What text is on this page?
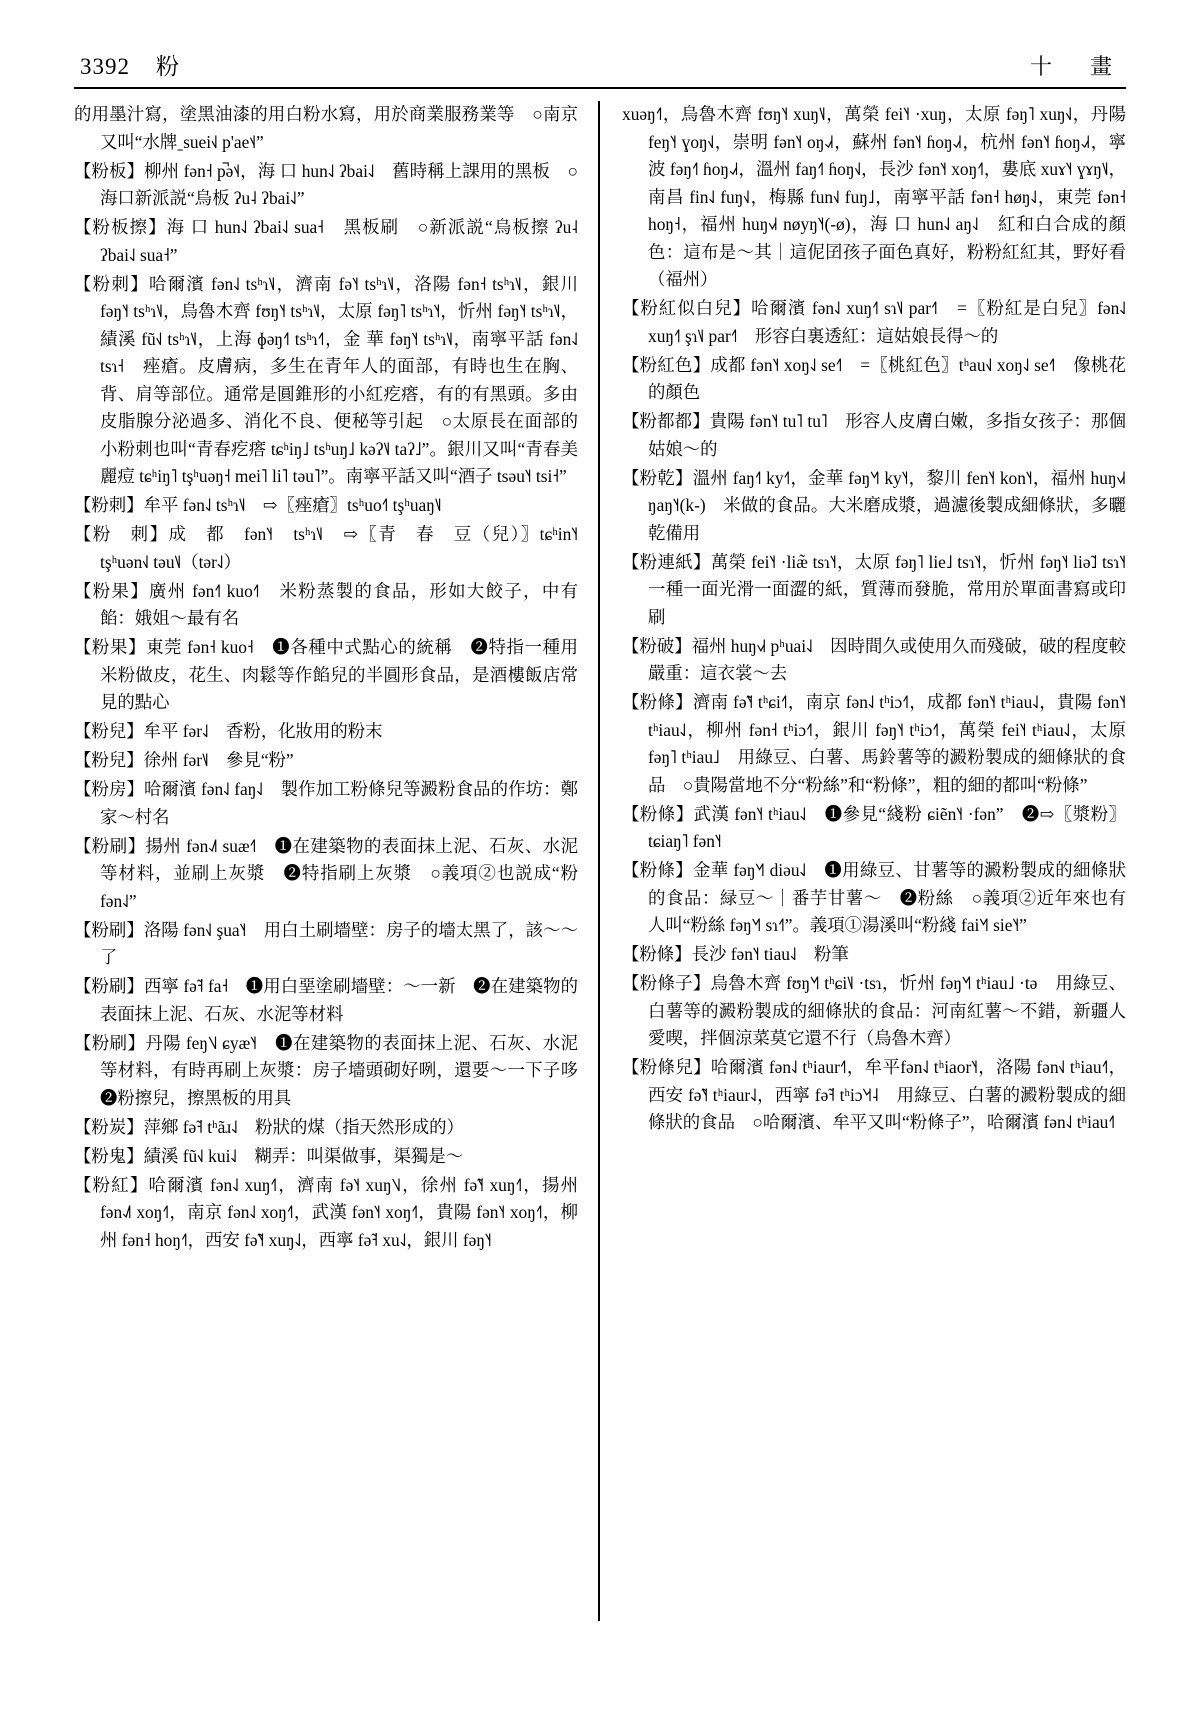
3392 粉	十　畫
的用墨汁寫，塗黑油漆的用白粉水寫，用於商業服務業等　○南京又叫“水牌ˍsuei˧˩ p'ae˦˨”
【粉板】柳州 fən˧ p̚ə˦˨，海 口 hun˨˩ ʔbai˨˩　舊時稱上課用的黑板　○海口新派説“烏板 ʔu˨ ʔbai˨˩”
【粉板擦】海 口 hun˨˩ ʔbai˨˩ sua˧　黑板刷　○新派説“烏板擦 ʔu˨ ʔbai˨˩ sua˧”
【粉刺】哈爾濱 fən˨˩ tsʰɿ˥˩，濟南 fə˥˧ tsʰɿ˥˩，洛陽 fən˧ tsʰɿ˥˩，銀川 fəŋ˥˧ tsʰɿ˥˩，烏魯木齊 fʊŋ˥˧ tsʰɿ˥˩，太原 fəŋ˥ tsʰɿ˥˧，忻州 fəŋ˥˧ tsʰɿ˥˩，績溪 fũ˧˩ tsʰɿ˥˩，上海 ɸəŋ˧˥ tsʰɿ˧˥，金 華 fəŋ˥˧ tsʰɿ˥˩，南寧平話 fən˨˩ tsɿ˧　痤瘡。皮膚病，多生在青年人的面部，有時也生在胸、背、肩等部位。通常是圓錐形的小紅疙瘩，有的有黑頭。多由皮脂腺分泌過多、消化不良、便秘等引起　○太原長在面部的小粉刺也叫“青春疙瘩 tɕʰiŋ˩ tsʰuŋ˩ kəʔ˥˩ taʔ˩”。銀川又叫“青春美麗痘 tɕʰiŋ˥ tşʰuəŋ˧ mei˥ li˥ təu˥”。南寧平話又叫“酒子 tsəu˥˧ tsi˧”
【粉刺】牟平 fən˨˩ tsʰɿ˥˩　⇨〖痤瘡〗tsʰuo˧˥ tşʰuaŋ˥˩
【粉　刺】成　都　fən˥˧　tsʰɿ˥˩　⇨〖青　春　豆（兒）〗tɕʰin˥˧ tşʰuən˧˩ təu˥˩（tər˨˩）
【粉果】廣州 fən˧˥ kuo˧˥　米粉蒸製的食品，形如大餃子，中有餡：娥姐～最有名
【粉果】東莞 fən˧ kuo˧　❶各種中式點心的統稱　❷特指一種用米粉做皮，花生、肉鬆等作餡兒的半圓形食品，是酒樓飯店常見的點心
【粉兒】牟平 fər˨˩　香粉，化妝用的粉末
【粉兒】徐州 fər˥˩　參見“粉”
【粉房】哈爾濱 fən˨˩ faŋ˨˩　製作加工粉條兒等澱粉食品的作坊：鄭家～村名
【粉刷】揚州 fən˨˩˥ suæ˧˥　❶在建築物的表面抹上泥、石灰、水泥等材料，並刷上灰漿　❷特指刷上灰漿　○義項②也説成“粉 fən˨˩”
【粉刷】洛陽 fən˧˩ şua˥˧　用白土刷墻壁：房子的墻太黑了，該～～了
【粉刷】西寧 fə̃˧ fa˧　❶用白堊塗刷墻壁：～一新　❷在建築物的表面抹上泥、石灰、水泥等材料
【粉刷】丹陽 feŋ˥˧˩ ɕyæ˥˧　❶在建築物的表面抹上泥、石灰、水泥等材料，有時再刷上灰漿：房子墻頭砌好咧，還要～一下子哆　❷粉擦兒，擦黑板的用具
【粉炭】萍鄉 fə̃˧ tʰãɹ˨˩　粉狀的煤（指天然形成的）
【粉鬼】績溪 fũ˧˩ kui˨˩　糊弄：叫渠做事，渠獨是～
【粉紅】哈爾濱 fən˨˩ xuŋ˧˥，濟南 fə˥˧ xuŋ˥˧˩，徐州 fə̃˥˧ xuŋ˧˥，揚州 fən˨˩˥ xoŋ˧˥，南京 fən˨˩ xoŋ˧˥，武漢 fən˥˧ xoŋ˧˥，貴陽 fən˥˧ xoŋ˧˥，柳州 fən˧ hoŋ˧˥，西安 fə̃˥˧ xuŋ˨˩，西寧 fə̃˧ xu˨˩，銀川 fəŋ˥˧
xuəŋ˧˥，烏魯木齊 fʊŋ˥˧ xuŋ˥˩，萬榮 fei˥˧ ·xuŋ，太原 fəŋ˥ xuŋ˧˩，丹陽 feŋ˥˧ ɣoŋ˧˩，崇明 fən˥˧ oŋ˨˩˧，蘇州 fən˥˧ ɦoŋ˨˩˧，杭州 fən˥˧ ɦoŋ˨˩˧，寧波 fəŋ˧˥ ɦoŋ˨˩˧，溫州 faŋ˧˥ ɦoŋ˧˩，長沙 fən˥˧ xoŋ˧˥，婁底 xuɤ˥˧ ɣɤŋ˥˩，南昌 fin˨˩ fuŋ˧˩，梅縣 fun˧˩ fuŋ˩，南寧平話 fən˧ høŋ˨˩，東莞 fən˧ hoŋ˧，福州 huŋ˧˩˧ nøyŋ˥˧(-ø)，海 口 hun˨˩ aŋ˨˩　紅和白合成的顏色：這布是～其｜這伲囝孩子面色真好，粉粉紅紅其，野好看（福州）
【粉紅似白兒】哈爾濱 fən˨˩ xuŋ˧˥ sɿ˥˩ par˧˥　=〖粉紅是白兒〗fən˨˩ xuŋ˧˥ şɿ˥˩ par˧˥　形容白裏透紅：這姑娘長得～的
【粉紅色】成都 fən˥˧ xoŋ˨˩ se˧˥　=〖桃紅色〗tʰau˧˩ xoŋ˨˩ se˧˥　像桃花的顏色
【粉都都】貴陽 fən˥˧ tu˥ tu˥　形容人皮膚白嫩，多指女孩子：那個姑娘～的
【粉乾】溫州 faŋ˧˥ ky˧˥，金華 fəŋ˥˧˥ ky˥˧，黎川 fen˥˧ kon˥˧，福州 huŋ˧˩˧ ŋaŋ˥˧(k-)　米做的食品。大米磨成漿，過濾後製成細條狀，多曬乾備用
【粉連紙】萬榮 fei˥˧ ·liæ̃ tsɿ˥˧，太原 fəŋ˥ lie˩ tsɿ˥˧，忻州 fəŋ˥˧ liə̃˩ tsɿ˥˧　一種一面光滑一面澀的紙，質薄而發脆，常用於單面書寫或印刷
【粉破】福州 huŋ˧˩˧ pʰuai˨˩　因時間久或使用久而殘破，破的程度較嚴重：這衣裳～去
【粉條】濟南 fə̃˥˧ tʰɕi˧˥，南京 fən˨˩ tʰiɔ˧˥，成都 fən˥˧ tʰiau˨˩，貴陽 fən˥˧ tʰiau˨˩，柳州 fən˧ tʰiɔ˧˥，銀川 fəŋ˥˧ tʰiɔ˧˥，萬榮 fei˥˧ tʰiau˨˩，太原 fəŋ˥ tʰiau˩　用綠豆、白薯、馬鈴薯等的澱粉製成的細條狀的食品　○貴陽當地不分“粉絲”和“粉條”，粗的細的都叫“粉條”
【粉條】武漢 fən˥˧ tʰiau˨˩　❶參見“綫粉 ɕiẽn˥˧ ·fən”　❷⇨〖漿粉〗tɕiaŋ˥ fən˥˧
【粉條】金華 fəŋ˥˧˥ diəu˨˩　❶用綠豆、甘薯等的澱粉製成的細條狀的食品：緑豆～｜番芋甘薯～　❷粉絲　○義項②近年來也有人叫“粉絲 fəŋ˥˧˥ sɿ˧˥”。義項①湯溪叫“粉綫 fai˥˧˥ sie˥˧”
【粉條】長沙 fən˥˧ tiau˨˩　粉筆
【粉條子】烏魯木齊 fʊŋ˥˧˥ tʰɕi˥˩ ·tsɿ，忻州 fəŋ˥˧˥ tʰiau˩ ·tə　用綠豆、白薯等的澱粉製成的細條狀的食品：河南紅薯～不錯，新疆人愛喫，拌個涼菜莫它還不行（烏魯木齊）
【粉條兒】哈爾濱 fən˨˩ tʰiaur˧˥，牟平fən˨˩ tʰiaor˥˧，洛陽 fən˧˩ tʰiau˧˥，西安 fə̃˥˧ tʰiaur˨˩，西寧 fə̃˧ tʰiɔ˥˧˦˨　用綠豆、白薯的澱粉製成的細條狀的食品　○哈爾濱、牟平又叫“粉條子”，哈爾濱 fən˨˩ tʰiau˧˥
